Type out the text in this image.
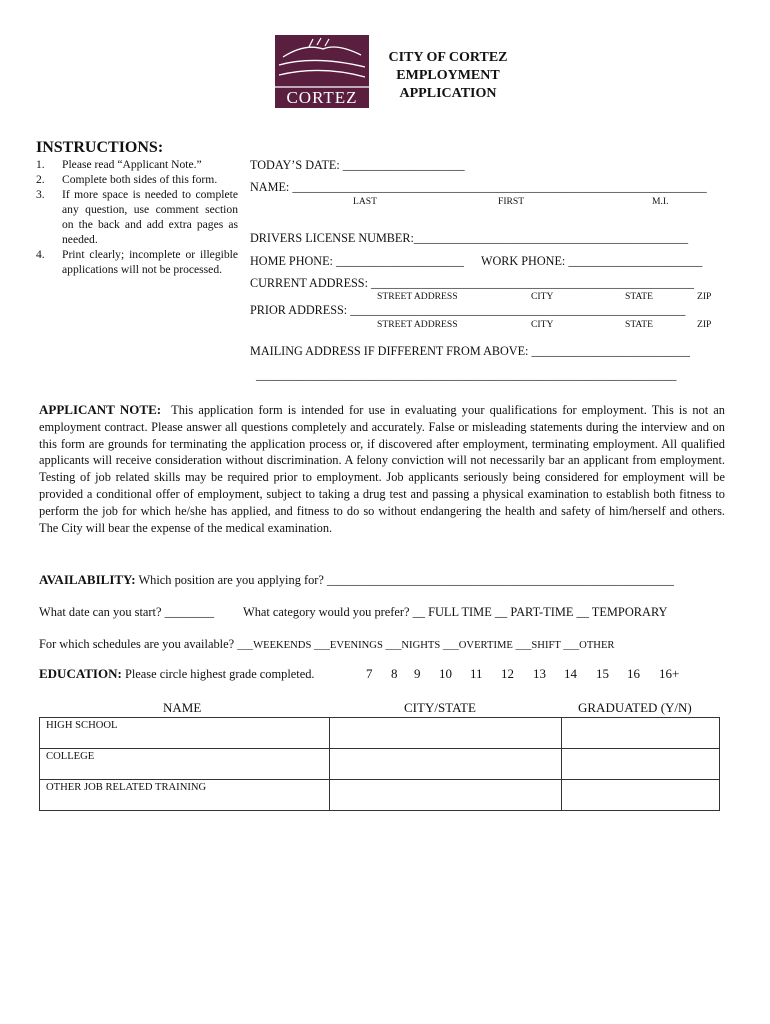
CORTEZ
CITY OF CORTEZ
EMPLOYMENT
APPLICATION
INSTRUCTIONS:
1. Please read “Applicant Note.”
2. Complete both sides of this form.
3. If more space is needed to complete any question, use comment section on the back and add extra pages as needed.
4. Print clearly; incomplete or illegible applications will not be processed.
TODAY’S DATE: ____________________
NAME: ____________________________________________________________________
LAST	FIRST	M.I.
DRIVERS LICENSE NUMBER:_____________________________________________
HOME PHONE: _____________________ WORK PHONE: ______________________
CURRENT ADDRESS: _____________________________________________________
STREET ADDRESS	CITY	STATE	ZIP
PRIOR ADDRESS: _______________________________________________________
STREET ADDRESS	CITY	STATE	ZIP
MAILING ADDRESS IF DIFFERENT FROM ABOVE: __________________________
_____________________________________________________________________
APPLICANT NOTE: This application form is intended for use in evaluating your qualifications for employment. This is not an employment contract. Please answer all questions completely and accurately. False or misleading statements during the interview and on this form are grounds for terminating the application process or, if discovered after employment, terminating employment. All qualified applicants will receive consideration without discrimination. A felony conviction will not necessarily bar an applicant from employment. Testing of job related skills may be required prior to employment. Job applicants seriously being considered for employment will be provided a conditional offer of employment, subject to taking a drug test and passing a physical examination to establish both fitness to perform the job for which he/she has applied, and fitness to do so without endangering the health and safety of him/herself and others. The City will bear the expense of the medical examination.
AVAILABILITY: Which position are you applying for? ________________________________________________________
What date can you start? ________ What category would you prefer? __ FULL TIME __ PART-TIME __ TEMPORARY
For which schedules are you available? ___WEEKENDS ___EVENINGS ___NIGHTS ___OVERTIME ___SHIFT ___OTHER
EDUCATION: Please circle highest grade completed.	7 8 9 10 11 12 13 14 15 16 16+
NAME	CITY/STATE	GRADUATED (Y/N)
HIGH SCHOOL		
COLLEGE		
OTHER JOB RELATED TRAINING		
